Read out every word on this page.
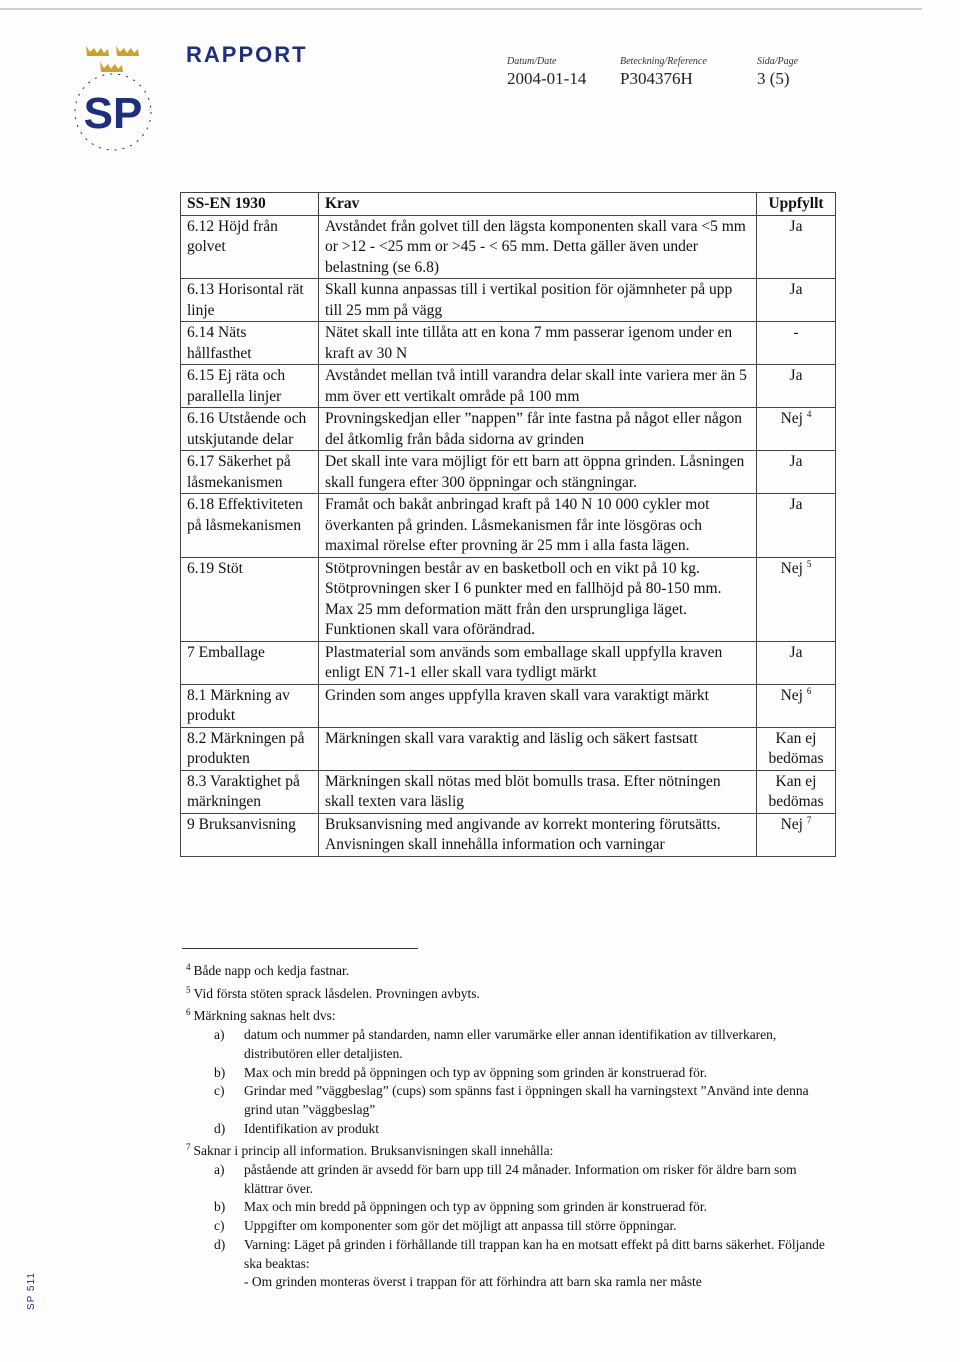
SP
RAPPORT	Datum/Date
2004-01-14
Beteckning/Reference
P304376H
Sida/Page
3 (5)
SS-EN 1930	Krav	Uppfyllt
6.12 Höjd från golvet	Avståndet från golvet till den lägsta komponenten skall vara <5 mm or >12 - <25 mm or >45 - < 65 mm. Detta gäller även under belastning (se 6.8)	Ja
6.13 Horisontal rät linje	Skall kunna anpassas till i vertikal position för ojämnheter på upp till 25 mm på vägg	Ja
6.14 Näts hållfasthet	Nätet skall inte tillåta att en kona 7 mm passerar igenom under en kraft av 30 N	-
6.15 Ej räta och parallella linjer	Avståndet mellan två intill varandra delar skall inte variera mer än 5 mm över ett vertikalt område på 100 mm	Ja
6.16 Utstående och utskjutande delar	Provningskedjan eller ”nappen” får inte fastna på något eller någon del åtkomlig från båda sidorna av grinden	Nej $^4$
6.17 Säkerhet på låsmekanismen	Det skall inte vara möjligt för ett barn att öppna grinden. Låsningen skall fungera efter 300 öppningar och stängningar.	Ja
6.18 Effektiviteten på låsmekanismen	Framåt och bakåt anbringad kraft på 140 N 10 000 cykler mot överkanten på grinden. Låsmekanismen får inte lösgöras och maximal rörelse efter provning är 25 mm i alla fasta lägen.	Ja
6.19 Stöt	Stötprovningen består av en basketboll och en vikt på 10 kg. Stötprovningen sker I 6 punkter med en fallhöjd på 80-150 mm. Max 25 mm deformation mätt från den ursprungliga läget. Funktionen skall vara oförändrad.	Nej $^5$
7 Emballage	Plastmaterial som används som emballage skall uppfylla kraven enligt EN 71-1 eller skall vara tydligt märkt	Ja
8.1 Märkning av produkt	Grinden som anges uppfylla kraven skall vara varaktigt märkt	Nej $^6$
8.2 Märkningen på produkten	Märkningen skall vara varaktig and läslig och säkert fastsatt	Kan ej bedömas
8.3 Varaktighet på märkningen	Märkningen skall nötas med blöt bomulls trasa. Efter nötningen skall texten vara läslig	Kan ej bedömas
9 Bruksanvisning	Bruksanvisning med angivande av korrekt montering förutsätts. Anvisningen skall innehålla information och varningar	Nej $^7$
$^4$ Både napp och kedja fastnar.
$^5$ Vid första stöten sprack låsdelen. Provningen avbyts.
$^6$ Märkning saknas helt dvs:
a) datum och nummer på standarden, namn eller varumärke eller annan identifikation av tillverkaren, distributören eller detaljisten.
b) Max och min bredd på öppningen och typ av öppning som grinden är konstruerad för.
c) Grindar med ”väggbeslag” (cups) som spänns fast i öppningen skall ha varningstext ”Använd inte denna grind utan ”väggbeslag”
d) Identifikation av produkt
$^7$ Saknar i princip all information. Bruksanvisningen skall innehålla:
a) påstående att grinden är avsedd för barn upp till 24 månader. Information om risker för äldre barn som klättrar över.
b) Max och min bredd på öppningen och typ av öppning som grinden är konstruerad för.
c) Uppgifter om komponenter som gör det möjligt att anpassa till större öppningar.
d) Varning: Läget på grinden i förhållande till trappan kan ha en motsatt effekt på ditt barns säkerhet. Följande ska beaktas:
- Om grinden monteras överst i trappan för att förhindra att barn ska ramla ner måste
SP 511
